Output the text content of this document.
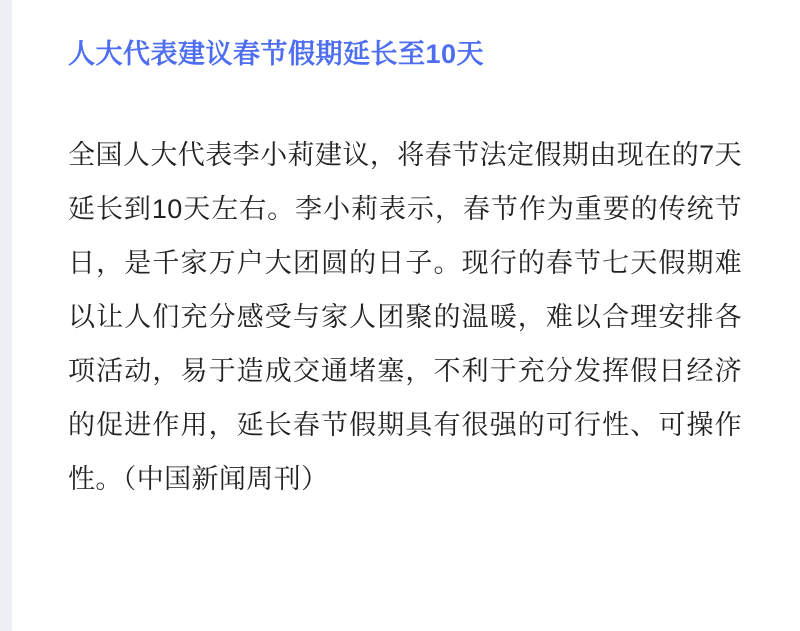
人大代表建议春节假期延长至10天

全国人大代表李小莉建议，将春节法定假期由现在的7天延长到10天左右。李小莉表示，春节作为重要的传统节日，是千家万户大团圆的日子。现行的春节七天假期难以让人们充分感受与家人团聚的温暖，难以合理安排各项活动，易于造成交通堵塞，不利于充分发挥假日经济的促进作用，延长春节假期具有很强的可行性、可操作性。（中国新闻周刊）
